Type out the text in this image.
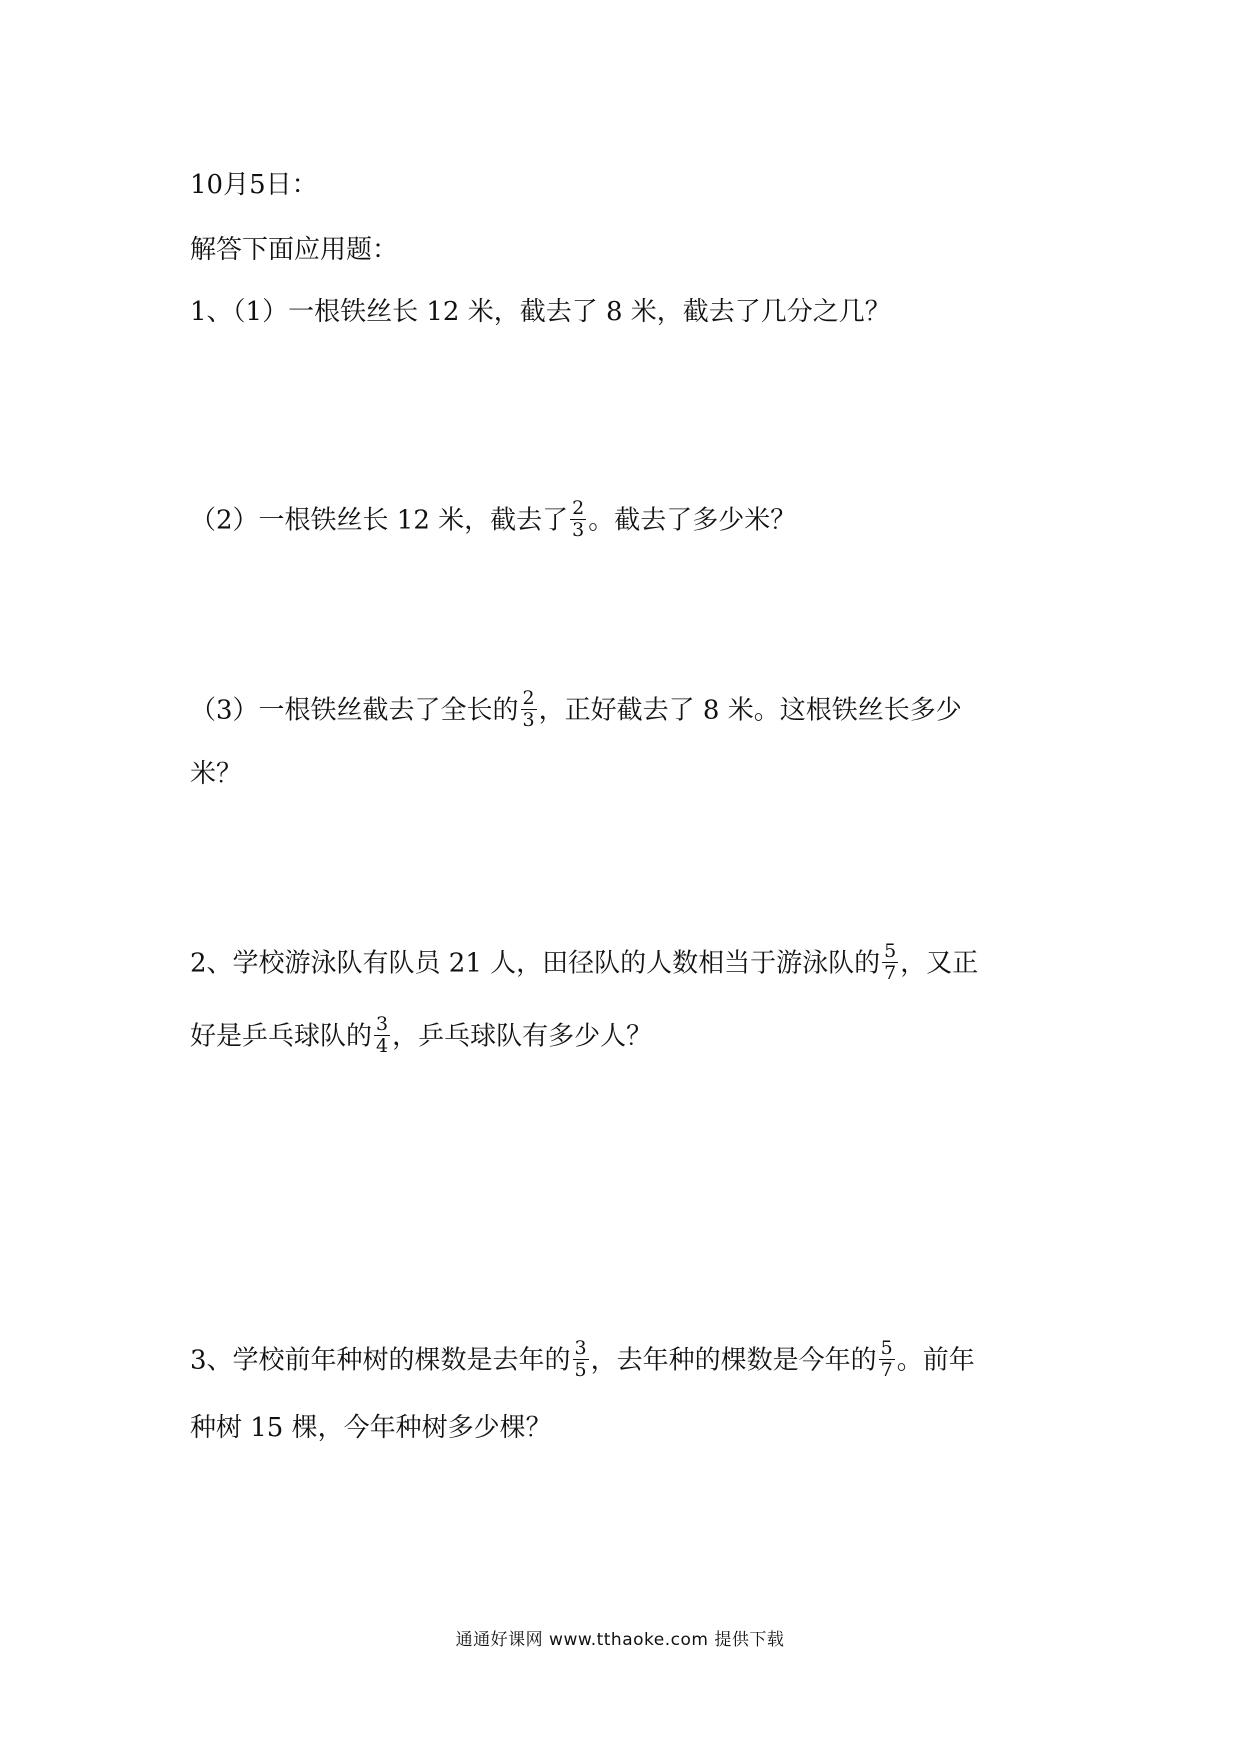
10月5日：
解答下面应用题：
1、（1）一根铁丝长 12 米，截去了 8 米，截去了几分之几？
（2）一根铁丝长 12 米，截去了 $\frac{2}{3}$ 。截去了多少米？
（3）一根铁丝截去了全长的 $\frac{2}{3}$ ，正好截去了 8 米。这根铁丝长多少
米？
2、学校游泳队有队员 21 人，田径队的人数相当于游泳队的 $\frac{5}{7}$ ，又正
好是乒乓球队的 $\frac{3}{4}$ ，乒乓球队有多少人？
3、学校前年种树的棵数是去年的 $\frac{3}{5}$ ，去年种的棵数是今年的 $\frac{5}{7}$ 。前年
种树 15 棵，今年种树多少棵？
通通好课网 www.tthaoke.com 提供下载
